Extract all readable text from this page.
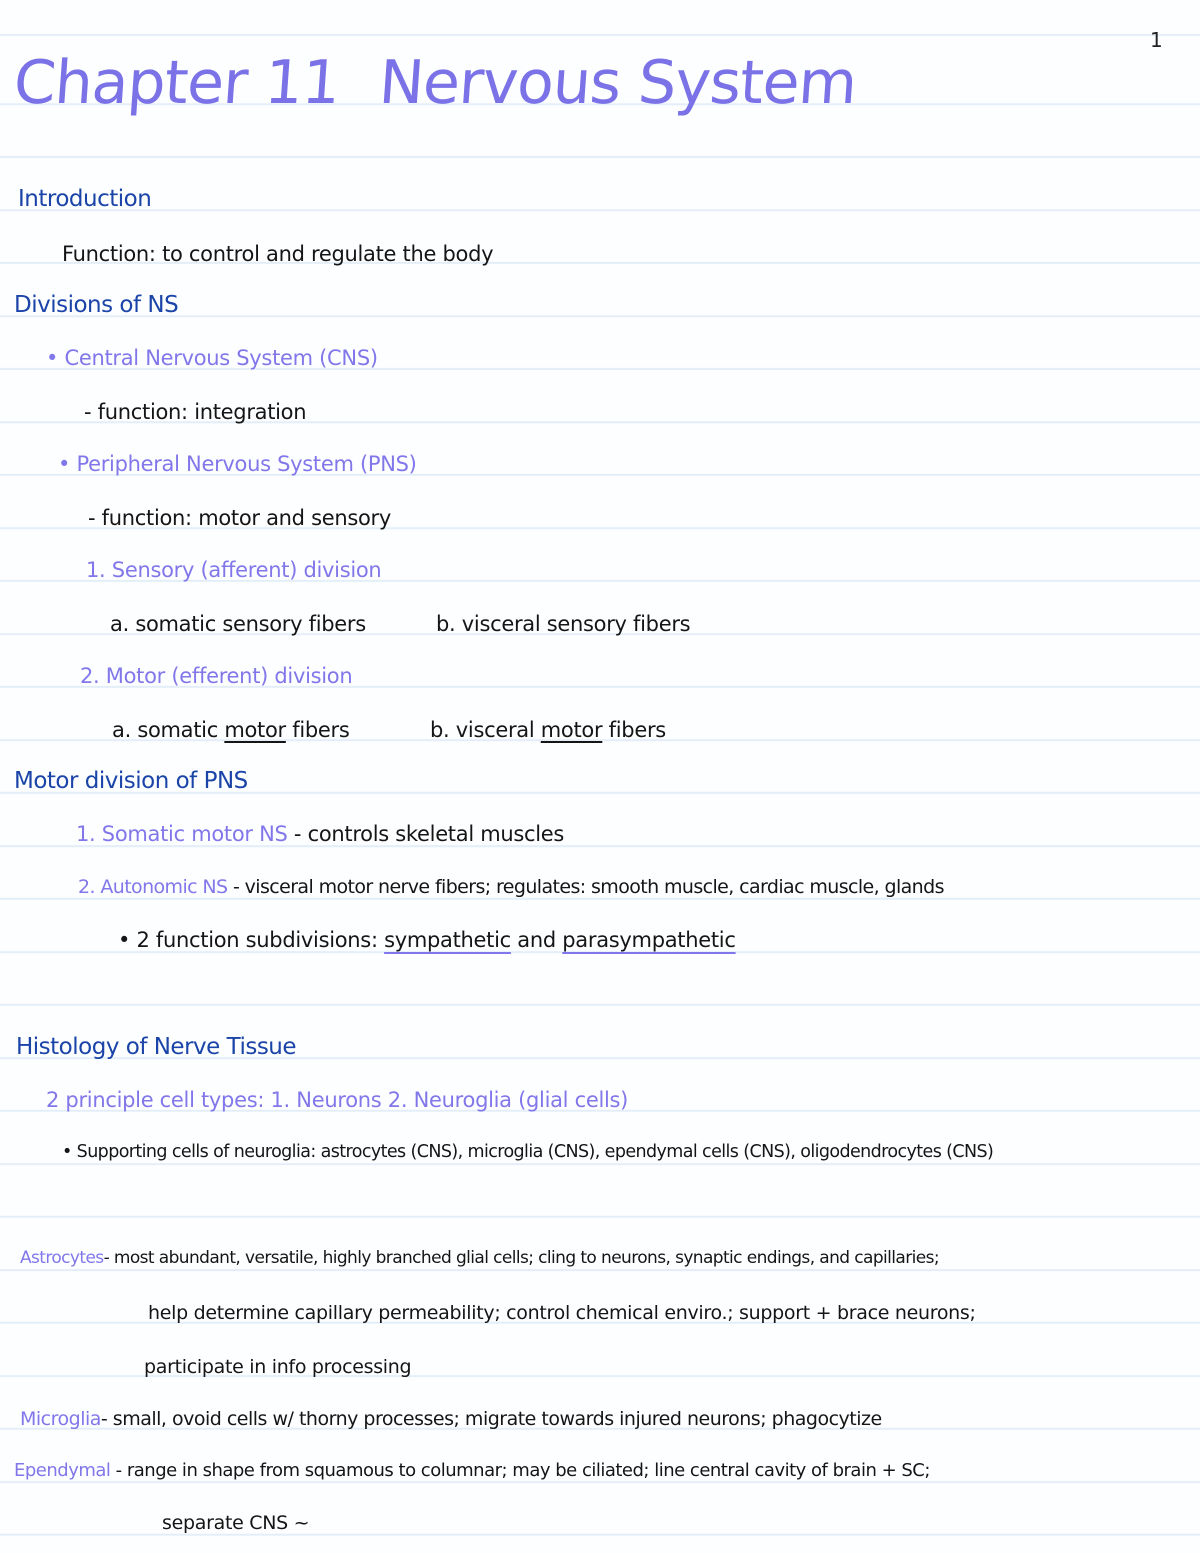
1
Chapter 11 Nervous System
Introduction
Function: to control and regulate the body
Divisions of NS
• Central Nervous System (CNS)
- function: integration
• Peripheral Nervous System (PNS)
- function: motor and sensory
1. Sensory (afferent) division
a. somatic sensory fibers	b. visceral sensory fibers
2. Motor (efferent) division
a. somatic motor fibers	b. visceral motor fibers
Motor division of PNS
1. Somatic motor NS - controls skeletal muscles
2. Autonomic NS - visceral motor nerve fibers; regulates: smooth muscle, cardiac muscle, glands
• 2 function subdivisions: sympathetic and parasympathetic
Histology of Nerve Tissue
2 principle cell types: 1. Neurons 2. Neuroglia (glial cells)
• Supporting cells of neuroglia: astrocytes (CNS), microglia (CNS), ependymal cells (CNS), oligodendrocytes (CNS)
Astrocytes- most abundant, versatile, highly branched glial cells; cling to neurons, synaptic endings, and capillaries;
help determine capillary permeability; control chemical enviro.; support + brace neurons;
participate in info processing
Microglia- small, ovoid cells w/ thorny processes; migrate towards injured neurons; phagocytize
Ependymal - range in shape from squamous to columnar; may be ciliated; line central cavity of brain + SC;
separate CNS ~
